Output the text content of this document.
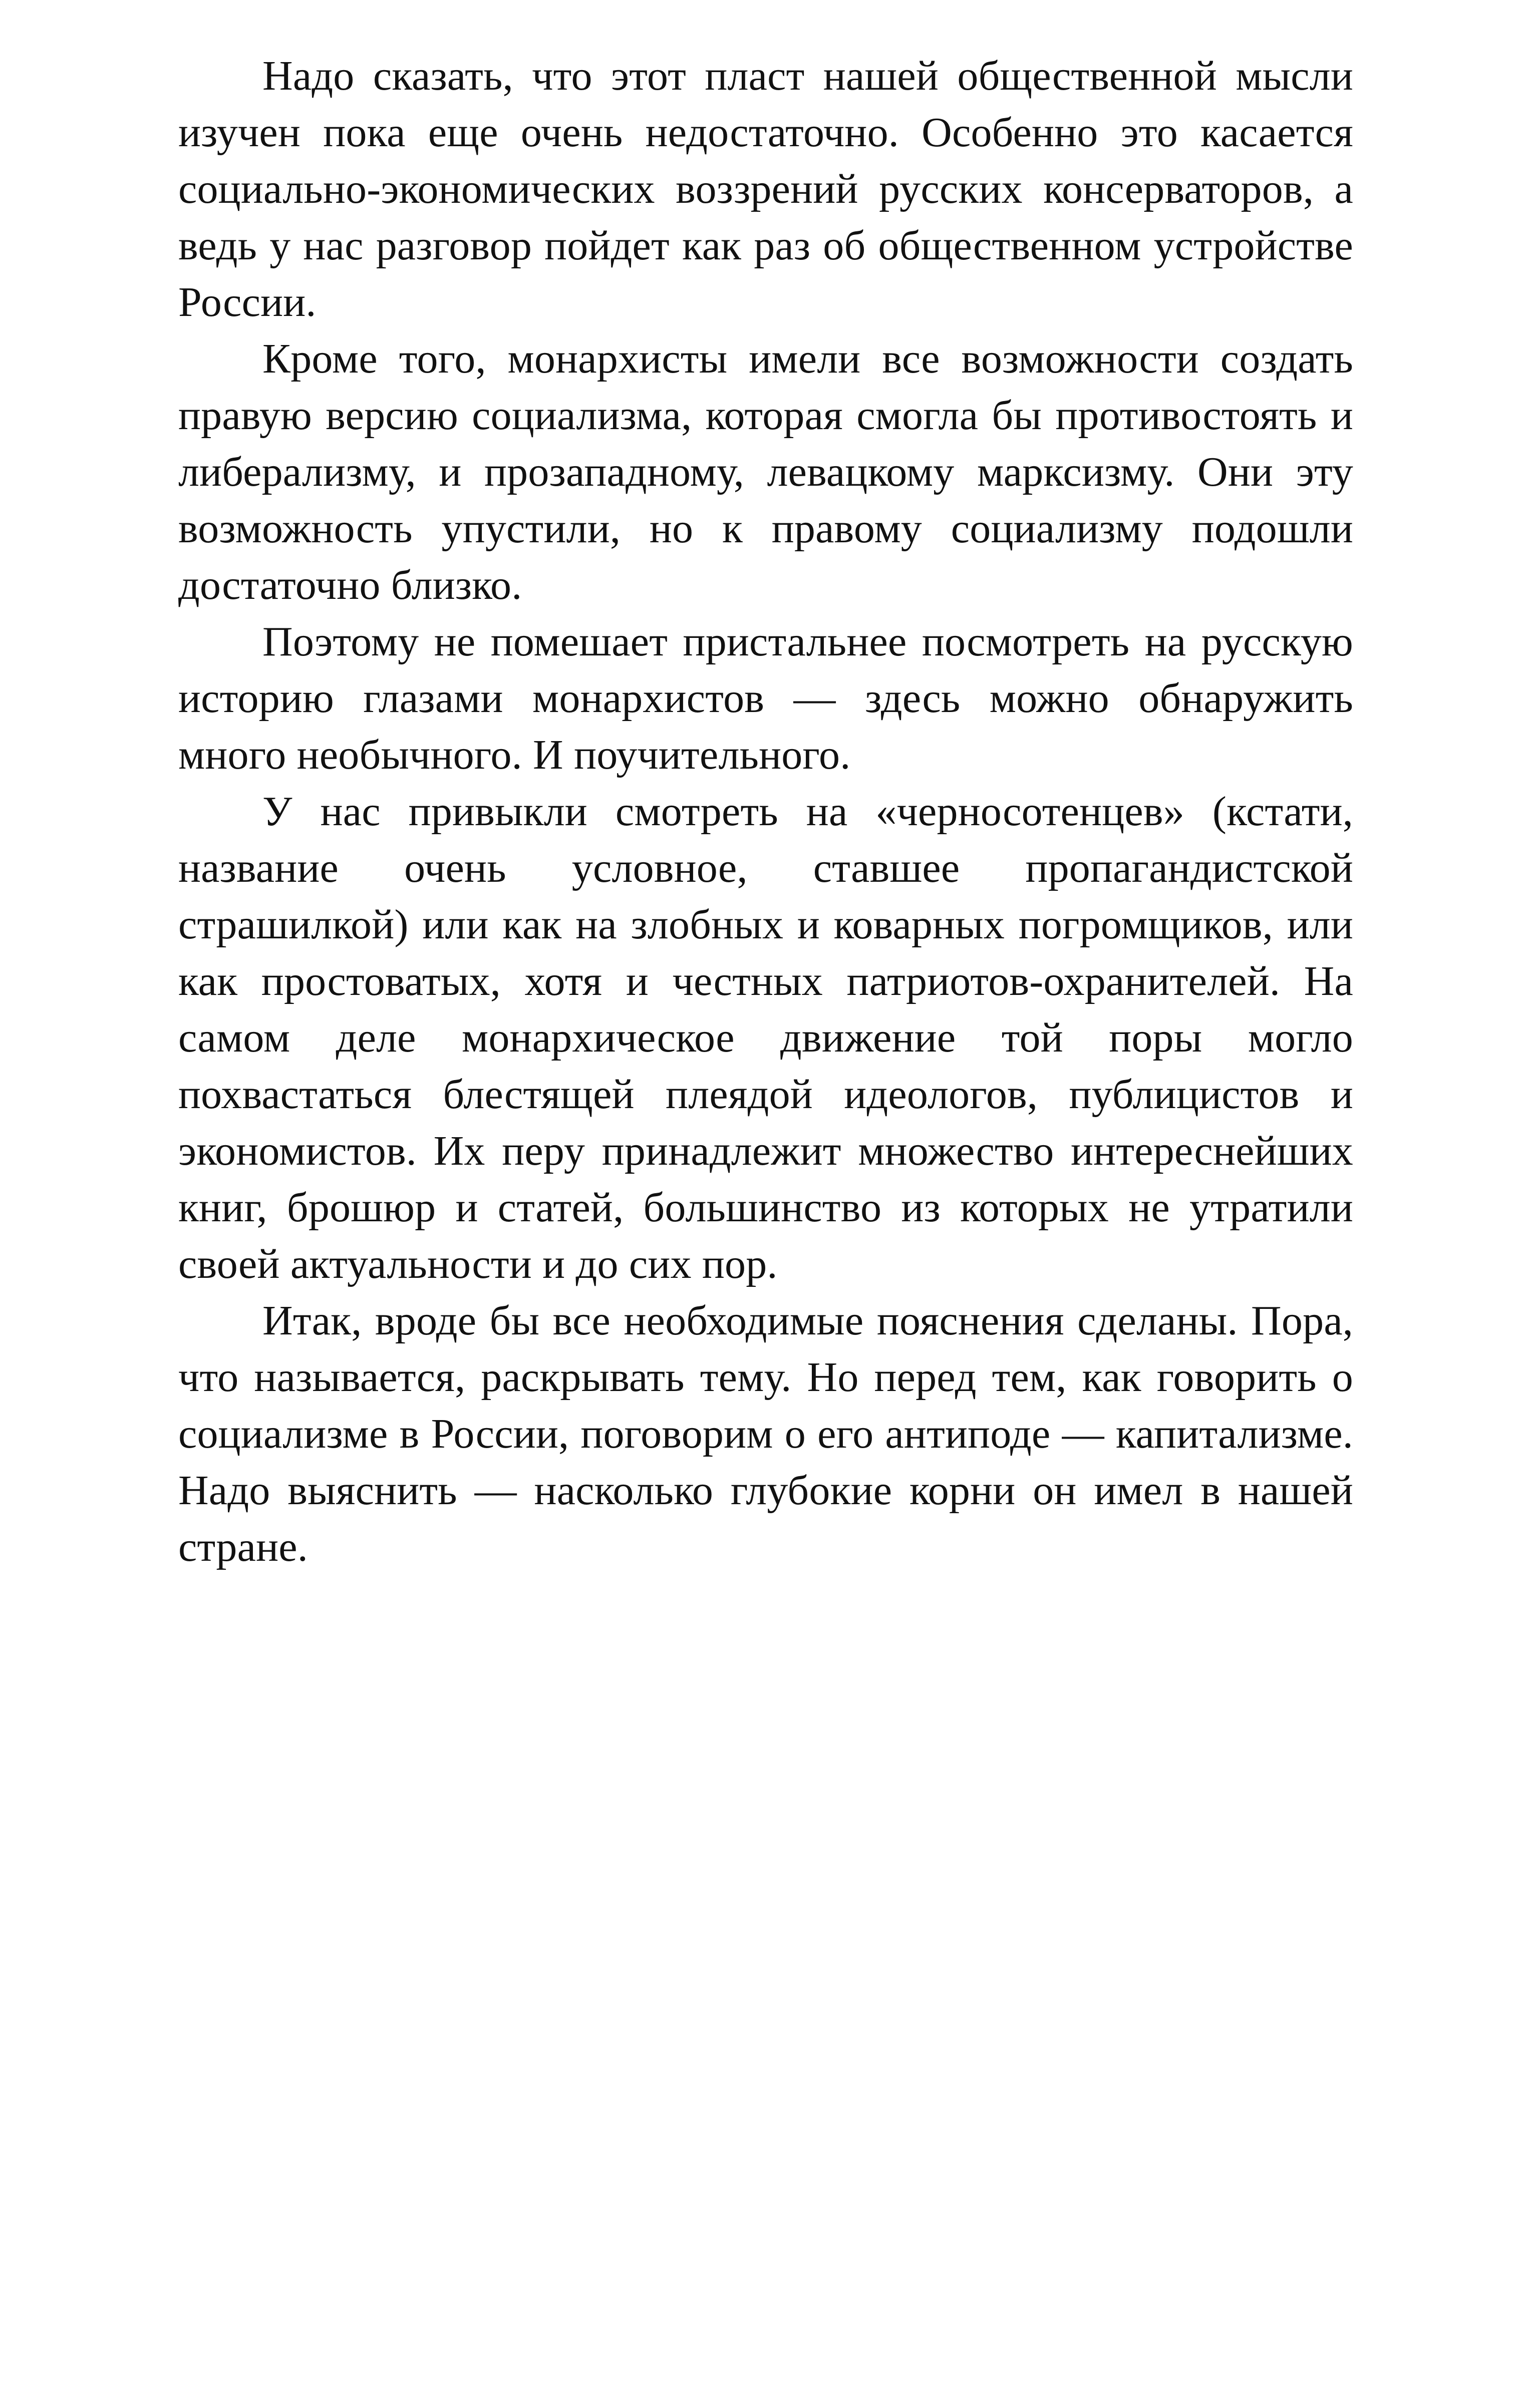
Надо сказать, что этот пласт нашей общественной мысли изучен пока еще очень недостаточно. Особенно это касается социально-экономических воззрений русских консерваторов, а ведь у нас разговор пойдет как раз об общественном устройстве России.

Кроме того, монархисты имели все возможности создать правую версию социализма, которая смогла бы противостоять и либерализму, и прозападному, левацкому марксизму. Они эту возможность упустили, но к правому социализму подошли достаточно близко.

Поэтому не помешает пристальнее посмотреть на русскую историю глазами монархистов — здесь можно обнаружить много необычного. И поучительного.

У нас привыкли смотреть на «черносотенцев» (кстати, название очень условное, ставшее пропагандистской страшилкой) или как на злобных и коварных погромщиков, или как простоватых, хотя и честных патриотов-охранителей. На самом деле монархическое движение той поры могло похвастаться блестящей плеядой идеологов, публицистов и экономистов. Их перу принадлежит множество интереснейших книг, брошюр и статей, большинство из которых не утратили своей актуальности и до сих пор.

Итак, вроде бы все необходимые пояснения сделаны. Пора, что называется, раскрывать тему. Но перед тем, как говорить о социализме в России, поговорим о его антиподе — капитализме. Надо выяснить — насколько глубокие корни он имел в нашей стране.
